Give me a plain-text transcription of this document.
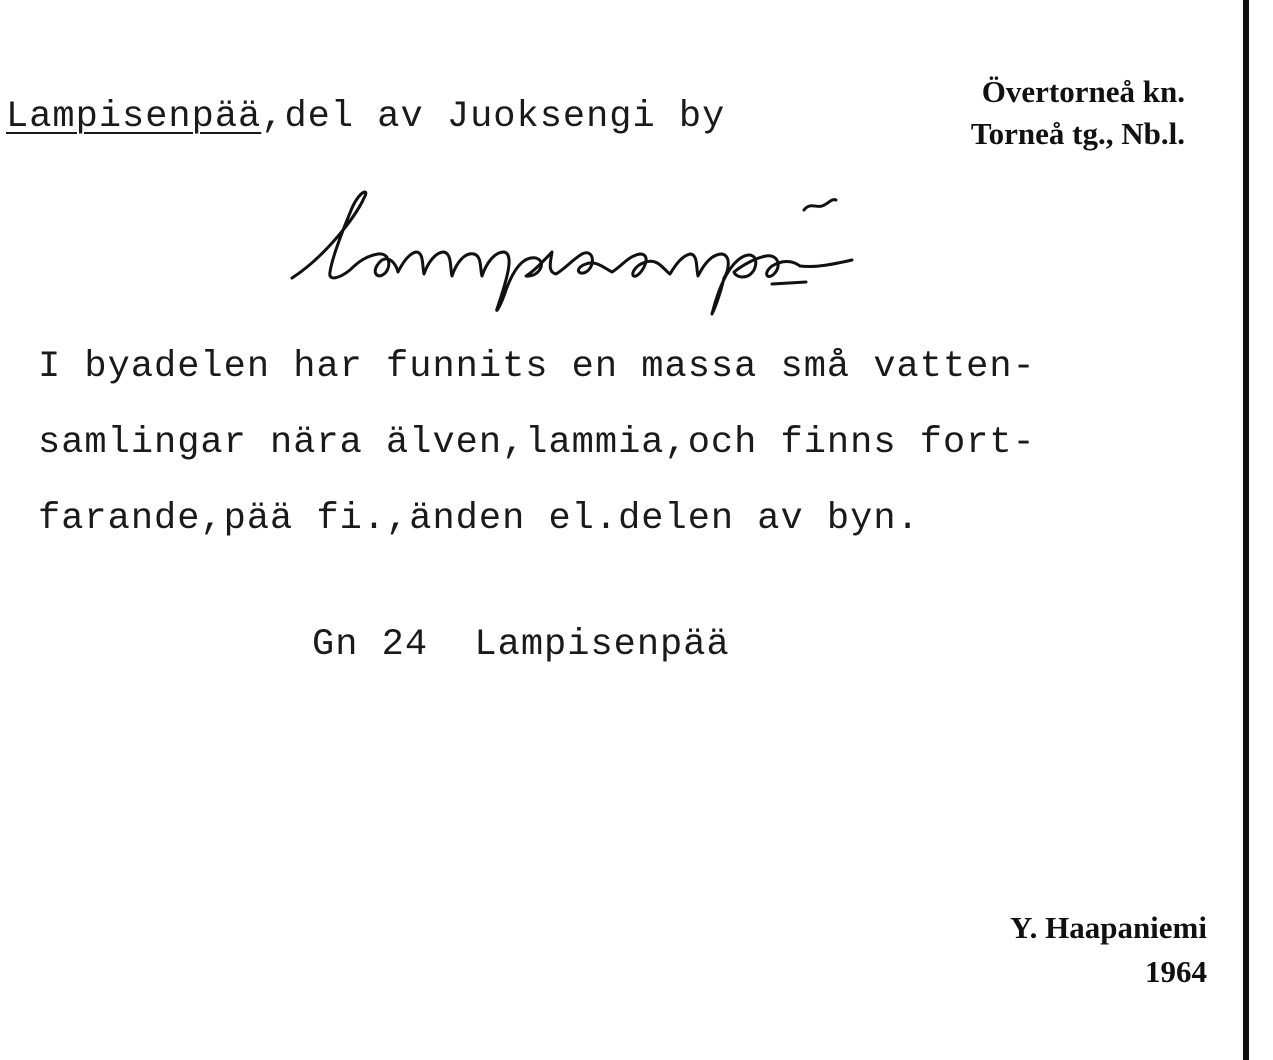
Lampisenpää,del av Juoksengi by
Övertorneå kn.
Torneå tg., Nb.l.
I byadelen har funnits en massa små vatten-
samlingar nära älven,lammia,och finns fort-
farande,pää fi.,änden el.delen av byn.
Gn 24  Lampisenpää
Y. Haapaniemi
1964
